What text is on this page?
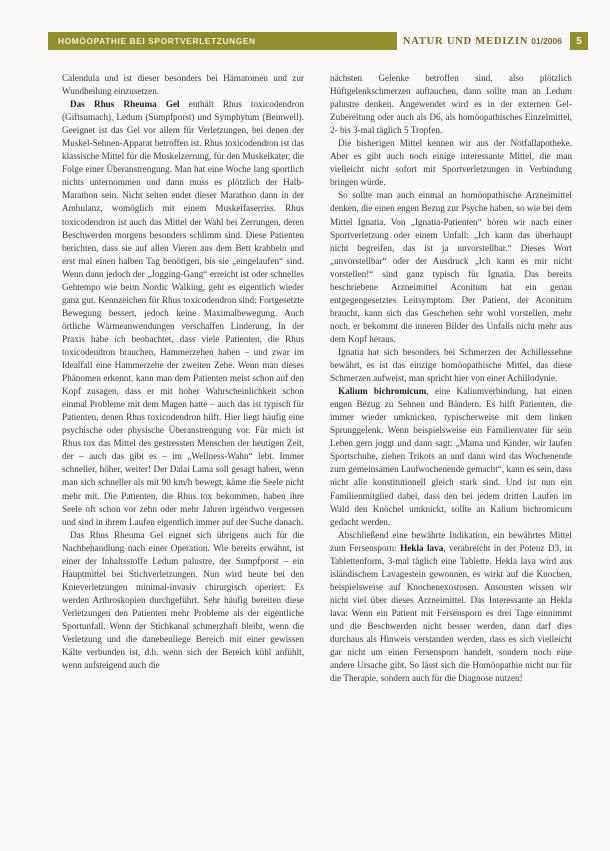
HOMÖOPATHIE BEI SPORTVERLETZUNGEN	NATUR UND MEDIZIN 01/2006	5

Calendula und ist dieser besonders bei Hämatomen und zur Wundheilung einzusetzen.

Das Rhus Rheuma Gel enthält Rhus toxicodendron (Giftsumach), Ledum (Sumpfporst) und Symphytum (Beinwell). Geeignet ist das Gel vor allem für Verletzungen, bei denen der Muskel-Sehnen-Apparat betroffen ist. Rhus toxicodendron ist das klassische Mittel für die Muskelzerrung, für den Muskelkater, die Folge einer Überanstrengung. Man hat eine Woche lang sportlich nichts unternommen und dann muss es plötzlich der Halb-Marathon sein. Nicht selten endet dieser Marathon dann in der Ambulanz, womöglich mit einem Muskelfaserriss. Rhus toxicodendron ist auch das Mittel der Wahl bei Zerrungen, deren Beschwerden morgens besonders schlimm sind. Diese Patienten berichten, dass sie auf allen Vieren aus dem Bett krabbeln und erst mal einen halben Tag benötigen, bis sie „eingelaufen“ sind. Wenn dann jedoch der „Jogging-Gang“ erreicht ist oder schnelles Gehtempo wie beim Nordic Walking, geht es eigentlich wieder ganz gut. Kennzeichen für Rhus toxicodendron sind: Fortgesetzte Bewegung bessert, jedoch keine Maximalbewegung. Auch örtliche Wärmeanwendungen verschaffen Linderung. In der Praxis habe ich beobachtet, dass viele Patienten, die Rhus toxicodendron brauchen, Hammerzehen haben – und zwar im Idealfall eine Hammerzehe der zweiten Zehe. Wenn man dieses Phänomen erkennt, kann man dem Patienten meist schon auf den Kopf zusagen, dass er mit hoher Wahrscheinlichkeit schon einmal Probleme mit dem Magen hatte – auch das ist typisch für Patienten, denen Rhus toxicodendron hilft. Hier liegt häufig eine psychische oder physische Überanstrengung vor. Für mich ist Rhus tox das Mittel des gestressten Menschen der heutigen Zeit, der – auch das gibt es – im „Wellness-Wahn“ lebt. Immer schneller, höher, weiter! Der Dalai Lama soll gesagt haben, wenn man sich schneller als mit 90 km/h bewegt, käme die Seele nicht mehr mit. Die Patienten, die Rhus tox bekommen, haben ihre Seele oft schon vor zehn oder mehr Jahren irgendwo vergessen und sind in ihrem Laufen eigentlich immer auf der Suche danach.

Das Rhus Rheuma Gel eignet sich übrigens auch für die Nachbehandlung nach einer Operation. Wie bereits erwähnt, ist einer der Inhaltsstoffe Ledum palustre, der Sumpfporst – ein Hauptmittel bei Stichverletzungen. Nun wird heute bei den Knieverletzungen minimal-invasiv chirurgisch operiert: Es werden Arthroskopien durchgeführt. Sehr häufig bereiten diese Verletzungen den Patienten mehr Probleme als der eigentliche Sportunfall. Wenn der Stichkanal schmerzhaft bleibt, wenn die Verletzung und die danebenliege Bereich mit einer gewissen Kälte verbunden ist, d.h. wenn sich der Bereich kühl anfühlt, wenn aufsteigend auch die

nächsten Gelenke betroffen sind, also plötzlich Hüftgelenkschmerzen auftauchen, dann sollte man an Ledum palustre denken. Angewendet wird es in der externen Gel-Zubereitung oder auch als D6, als homöopathisches Einzelmittel, 2- bis 3-mal täglich 5 Tropfen.

Die bisherigen Mittel kennen wir aus der Notfallapotheke. Aber es gibt auch noch einige interessante Mittel, die man vielleicht nicht sofort mit Sportverletzungen in Verbindung bringen würde.

So sollte man auch einmal an homöopathische Arzneimittel denken, die einen engen Bezug zur Psyche haben, so wie bei dem Mittel Ignatia. Von „Ignatia-Patienten“ hören wir nach einer Sportverletzung oder einem Unfall: „Ich kann das überhaupt nicht begreifen, das ist ja unvorstellbar.“ Dieses Wort „unvorstellbar“ oder der Ausdruck „Ich kann es mir nicht vorstellen!“ sind ganz typisch für Ignatia. Das bereits beschriebene Arzneimittel Aconitum hat ein genau entgegengesetztes Leitsymptom. Der Patient, der Aconitum braucht, kann sich das Geschehen sehr wohl vorstellen, mehr noch, er bekommt die inneren Bilder des Unfalls nicht mehr aus dem Kopf heraus.

Ignatia hat sich besonders bei Schmerzen der Achillessehne bewährt, es ist das einzige homöopathische Mittel, das diese Schmerzen aufweist, man spricht hier von einer Achillodynie.

Kalium bichromicum, eine Kaliumverbindung, hat einen engen Bezug zu Sehnen und Bändern. Es hilft Patienten, die immer wieder umknicken, typischerweise mit dem linken Sprunggelenk. Wenn beispielsweise ein Familienvater für sein Leben gern joggt und dann sagt: „Mama und Kinder, wir laufen Sportschuhe, ziehen Trikots an und dann wird das Wochenende zum gemeinsamen Laufwochenende gemacht“, kann es sein, dass nicht alle konstitutionell gleich stark sind. Und ist nun ein Familienmitglied dabei, dass den bei jedem dritten Laufen im Wald den Knöchel umknickt, sollte an Kalium bichromicum gedacht werden.

Abschließend eine bewährte Indikation, ein bewährtes Mittel zum Fersensporn: Hekla lava, verabreicht in der Potenz D3, in Tablettenform, 3-mal täglich eine Tablette. Hekla lava wird aus isländischem Lavagestein gewonnen, es wirkt auf die Knochen, beispielsweise auf Knochenexostosen. Ansonsten wissen wir nicht viel über dieses Arzneimittel. Das Interessante an Hekla lava: Wenn ein Patient mit Fersensporn es drei Tage einnimmt und die Beschwerden nicht besser werden, dann darf dies durchaus als Hinweis verstanden werden, dass es sich vielleicht gar nicht um einen Fersensporn handelt, sondern noch eine andere Ursache gibt. So lässt sich die Homöopathie nicht nur für die Therapie, sondern auch für die Diagnose nutzen!
